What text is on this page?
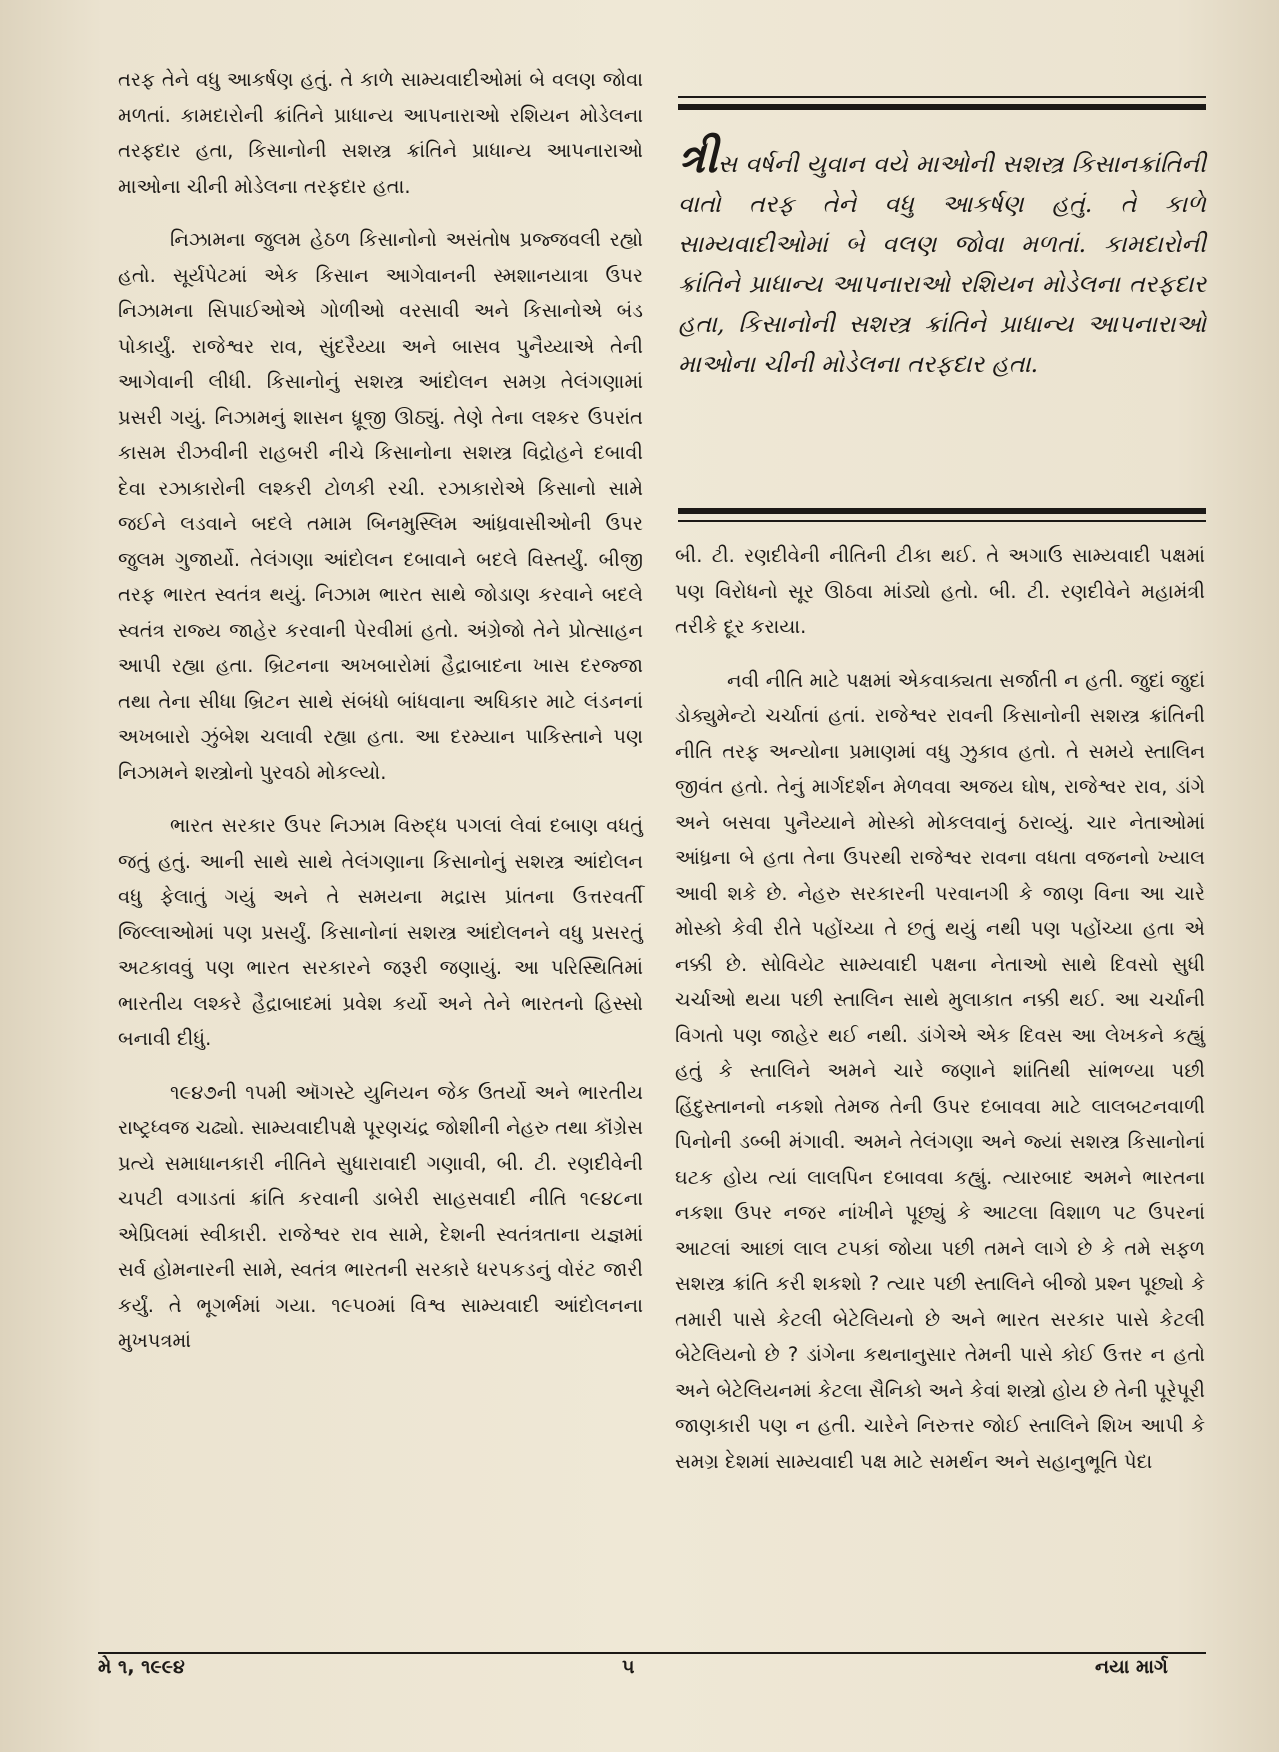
તરફ તેને વધુ આકર્ષણ હતું. તે કાળે સામ્યવાદીઓમાં બે વલણ જોવા મળતાં. કામદારોની ક્રાંતિને પ્રાધાન્ય આપનારાઓ રશિયન મોડેલના તરફદાર હતા, કિસાનોની સશસ્ત્ર ક્રાંતિને પ્રાધાન્ય આપનારાઓ માઓના ચીની મોડેલના તરફદાર હતા.

નિઝામના જુલમ હેઠળ કિસાનોનો અસંતોષ પ્રજ્જવલી રહ્યો હતો. સૂર્યપેટમાં એક કિસાન આગેવાનની સ્મશાનયાત્રા ઉપર નિઝામના સિપાઈઓએ ગોળીઓ વરસાવી અને કિસાનોએ બંડ પોકાર્યું. રાજેશ્વર રાવ, સુંદરૈય્યા અને બાસવ પુનૈય્યાએ તેની આગેવાની લીધી. કિસાનોનું સશસ્ત્ર આંદોલન સમગ્ર તેલંગણામાં પ્રસરી ગયું. નિઝામનું શાસન ધ્રૂજી ઊઠ્યું. તેણે તેના લશ્કર ઉપરાંત કાસમ રીઝવીની રાહબરી નીચે કિસાનોના સશસ્ત્ર વિદ્રોહને દબાવી દેવા રઝાકારોની લશ્કરી ટોળકી રચી. રઝાકારોએ કિસાનો સામે જઈને લડવાને બદલે તમામ બિનમુસ્લિમ આંધ્રવાસીઓની ઉપર જુલમ ગુજાર્યો. તેલંગણા આંદોલન દબાવાને બદલે વિસ્તર્યું. બીજી તરફ ભારત સ્વતંત્ર થયું. નિઝામ ભારત સાથે જોડાણ કરવાને બદલે સ્વતંત્ર રાજ્ય જાહેર કરવાની પેરવીમાં હતો. અંગ્રેજો તેને પ્રોત્સાહન આપી રહ્યા હતા. બ્રિટનના અખબારોમાં હૈદ્રાબાદના ખાસ દરજ્જા તથા તેના સીધા બ્રિટન સાથે સંબંધો બાંધવાના અધિકાર માટે લંડનનાં અખબારો ઝુંબેશ ચલાવી રહ્યા હતા. આ દરમ્યાન પાકિસ્તાને પણ નિઝામને શસ્ત્રોનો પુરવઠો મોકલ્યો.

ભારત સરકાર ઉપર નિઝામ વિરુદ્ધ પગલાં લેવાં દબાણ વધતું જતું હતું. આની સાથે સાથે તેલંગણાના કિસાનોનું સશસ્ત્ર આંદોલન વધુ ફેલાતું ગયું અને તે સમયના મદ્રાસ પ્રાંતના ઉત્તરવર્તી જિલ્લાઓમાં પણ પ્રસર્યું. કિસાનોનાં સશસ્ત્ર આંદોલનને વધુ પ્રસરતું અટકાવવું પણ ભારત સરકારને જરૂરી જણાયું. આ પરિસ્થિતિમાં ભારતીય લશ્કરે હૈદ્રાબાદમાં પ્રવેશ કર્યો અને તેને ભારતનો હિસ્સો બનાવી દીધું.

૧૯૪૭ની ૧૫મી ઑગસ્ટે યુનિયન જેક ઉતર્યો અને ભારતીય રાષ્ટ્રધ્વજ ચઢ્યો. સામ્યવાદીપક્ષે પૂરણચંદ્ર જોશીની નેહરુ તથા કૉંગ્રેસ પ્રત્યે સમાધાનકારી નીતિને સુધારાવાદી ગણાવી, બી. ટી. રણદીવેની ચપટી વગાડતાં ક્રાંતિ કરવાની ડાબેરી સાહસવાદી નીતિ ૧૯૪૮ના એપ્રિલમાં સ્વીકારી. રાજેશ્વર રાવ સામે, દેશની સ્વતંત્રતાના યજ્ઞમાં સર્વ હોમનારની સામે, સ્વતંત્ર ભારતની સરકારે ધરપકડનું વોરંટ જારી કર્યું. તે ભૂગર્ભમાં ગયા. ૧૯૫૦માં વિશ્વ સામ્યવાદી આંદોલનના મુખપત્રમાં

ત્રીસ વર્ષની યુવાન વયે માઓની સશસ્ત્ર કિસાનક્રાંતિની વાતો તરફ તેને વધુ આકર્ષણ હતું. તે કાળે સામ્યવાદીઓમાં બે વલણ જોવા મળતાં. કામદારોની ક્રાંતિને પ્રાધાન્ય આપનારાઓ રશિયન મોડેલના તરફદાર હતા, કિસાનોની સશસ્ત્ર ક્રાંતિને પ્રાધાન્ય આપનારાઓ માઓના ચીની મોડેલના તરફદાર હતા.

બી. ટી. રણદીવેની નીતિની ટીકા થઈ. તે અગાઉ સામ્યવાદી પક્ષમાં પણ વિરોધનો સૂર ઊઠવા માંડ્યો હતો. બી. ટી. રણદીવેને મહામંત્રી તરીકે દૂર કરાયા.

નવી નીતિ માટે પક્ષમાં એકવાક્યતા સર્જાતી ન હતી. જુદાં જુદાં ડોક્યુમેન્ટો ચર્ચાતાં હતાં. રાજેશ્વર રાવની કિસાનોની સશસ્ત્ર ક્રાંતિની નીતિ તરફ અન્યોના પ્રમાણમાં વધુ ઝુકાવ હતો. તે સમયે સ્તાલિન જીવંત હતો. તેનું માર્ગદર્શન મેળવવા અજય ઘોષ, રાજેશ્વર રાવ, ડાંગે અને બસવા પુનૈય્યાને મોસ્કો મોકલવાનું ઠરાવ્યું. ચાર નેતાઓમાં આંધ્રના બે હતા તેના ઉપરથી રાજેશ્વર રાવના વધતા વજનનો ખ્યાલ આવી શકે છે. નેહરુ સરકારની પરવાનગી કે જાણ વિના આ ચારે મોસ્કો કેવી રીતે પહોંચ્યા તે છતું થયું નથી પણ પહોંચ્યા હતા એ નક્કી છે. સોવિયેટ સામ્યવાદી પક્ષના નેતાઓ સાથે દિવસો સુધી ચર્ચાઓ થયા પછી સ્તાલિન સાથે મુલાકાત નક્કી થઈ. આ ચર્ચાની વિગતો પણ જાહેર થઈ નથી. ડાંગેએ એક દિવસ આ લેખકને કહ્યું હતું કે સ્તાલિને અમને ચારે જણાને શાંતિથી સાંભળ્યા પછી હિંદુસ્તાનનો નકશો તેમજ તેની ઉપર દબાવવા માટે લાલબટનવાળી પિનોની ડબ્બી મંગાવી. અમને તેલંગણા અને જ્યાં સશસ્ત્ર કિસાનોનાં ઘટક હોય ત્યાં લાલપિન દબાવવા કહ્યું. ત્યારબાદ અમને ભારતના નકશા ઉપર નજર નાંખીને પૂછ્યું કે આટલા વિશાળ પટ ઉપરનાં આટલાં આછાં લાલ ટપકાં જોયા પછી તમને લાગે છે કે તમે સફળ સશસ્ત્ર ક્રાંતિ કરી શકશો ? ત્યાર પછી સ્તાલિને બીજો પ્રશ્ન પૂછ્યો કે તમારી પાસે કેટલી બેટેલિયનો છે અને ભારત સરકાર પાસે કેટલી બેટેલિયનો છે ? ડાંગેના કથનાનુસાર તેમની પાસે કોઈ ઉત્તર ન હતો અને બેટેલિયનમાં કેટલા સૈનિકો અને કેવાં શસ્ત્રો હોય છે તેની પૂરેપૂરી જાણકારી પણ ન હતી. ચારેને નિરુત્તર જોઈ સ્તાલિને શિખ આપી કે સમગ્ર દેશમાં સામ્યવાદી પક્ષ માટે સમર્થન અને સહાનુભૂતિ પેદા

મે ૧, ૧૯૯૪	૫	નયા માર્ગ
